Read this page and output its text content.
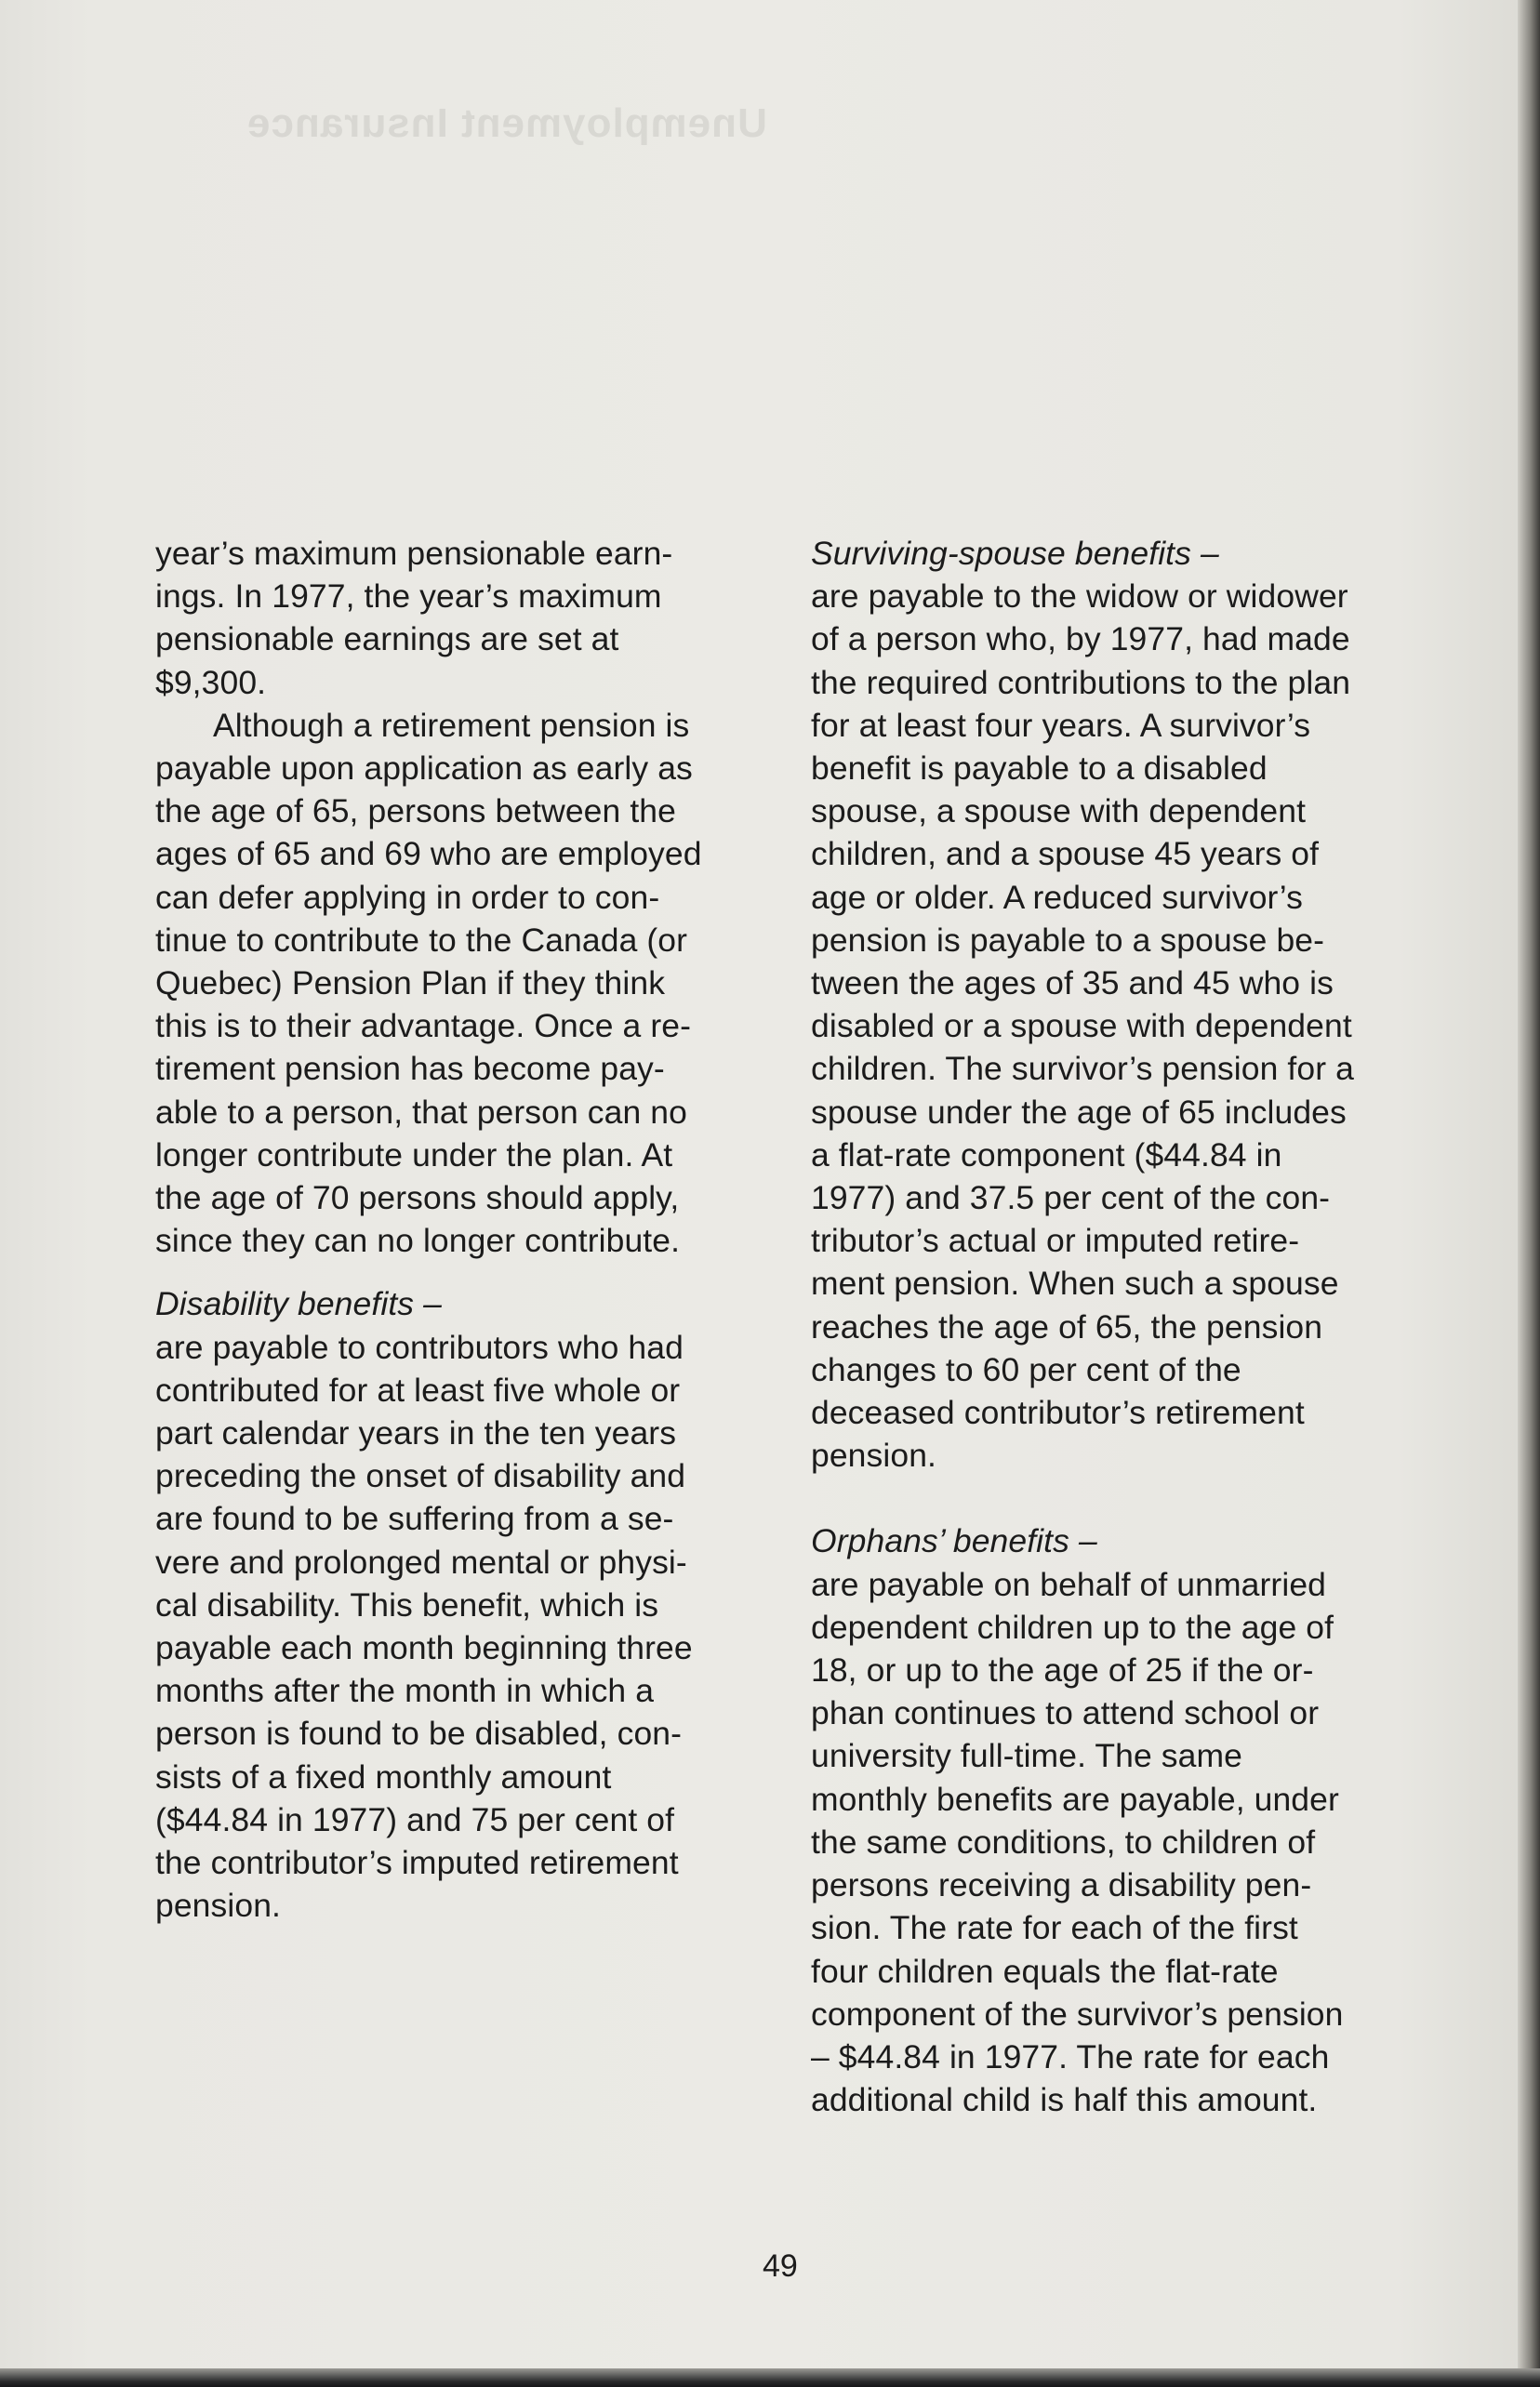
Unemployment Insurance
year’s maximum pensionable earn-
ings. In 1977, the year’s maximum
pensionable earnings are set at
$9,300.
Although a retirement pension is
payable upon application as early as
the age of 65, persons between the
ages of 65 and 69 who are employed
can defer applying in order to con-
tinue to contribute to the Canada (or
Quebec) Pension Plan if they think
this is to their advantage. Once a re-
tirement pension has become pay-
able to a person, that person can no
longer contribute under the plan. At
the age of 70 persons should apply,
since they can no longer contribute.
Disability benefits –
are payable to contributors who had
contributed for at least five whole or
part calendar years in the ten years
preceding the onset of disability and
are found to be suffering from a se-
vere and prolonged mental or physi-
cal disability. This benefit, which is
payable each month beginning three
months after the month in which a
person is found to be disabled, con-
sists of a fixed monthly amount
($44.84 in 1977) and 75 per cent of
the contributor’s imputed retirement
pension.
Surviving-spouse benefits –
are payable to the widow or widower
of a person who, by 1977, had made
the required contributions to the plan
for at least four years. A survivor’s
benefit is payable to a disabled
spouse, a spouse with dependent
children, and a spouse 45 years of
age or older. A reduced survivor’s
pension is payable to a spouse be-
tween the ages of 35 and 45 who is
disabled or a spouse with dependent
children. The survivor’s pension for a
spouse under the age of 65 includes
a flat-rate component ($44.84 in
1977) and 37.5 per cent of the con-
tributor’s actual or imputed retire-
ment pension. When such a spouse
reaches the age of 65, the pension
changes to 60 per cent of the
deceased contributor’s retirement
pension.
Orphans’ benefits –
are payable on behalf of unmarried
dependent children up to the age of
18, or up to the age of 25 if the or-
phan continues to attend school or
university full-time. The same
monthly benefits are payable, under
the same conditions, to children of
persons receiving a disability pen-
sion. The rate for each of the first
four children equals the flat-rate
component of the survivor’s pension
– $44.84 in 1977. The rate for each
additional child is half this amount.
49
